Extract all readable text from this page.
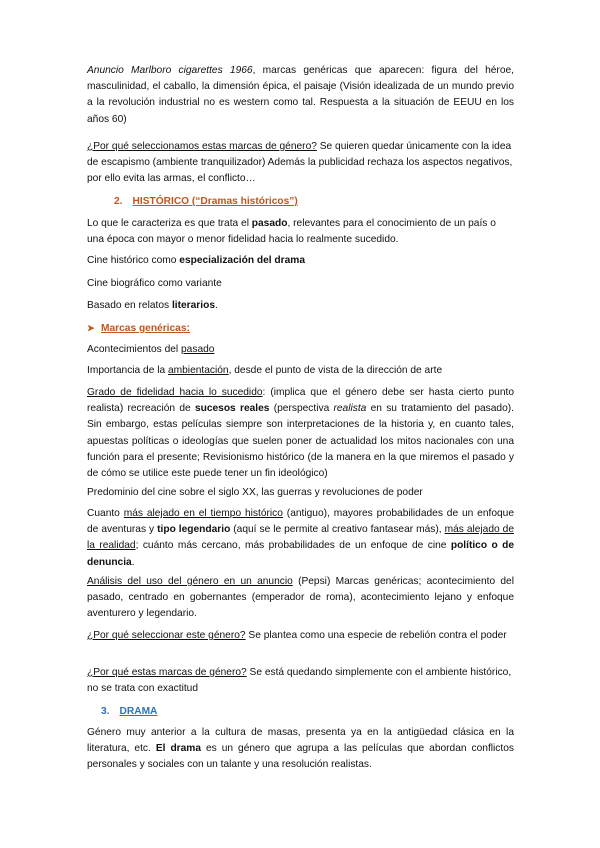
Anuncio Marlboro cigarettes 1966, marcas genéricas que aparecen: figura del héroe, masculinidad, el caballo, la dimensión épica, el paisaje (Visión idealizada de un mundo previo a la revolución industrial no es western como tal. Respuesta a la situación de EEUU en los años 60)

¿Por qué seleccionamos estas marcas de género? Se quieren quedar únicamente con la idea de escapismo (ambiente tranquilizador) Además la publicidad rechaza los aspectos negativos, por ello evita las armas, el conflicto…

2. HISTÓRICO (“Dramas históricos”)

Lo que le caracteriza es que trata el pasado, relevantes para el conocimiento de un país o una época con mayor o menor fidelidad hacia lo realmente sucedido.

Cine histórico como especialización del drama

Cine biográfico como variante

Basado en relatos literarios.

➤ Marcas genéricas:

Acontecimientos del pasado

Importancia de la ambientación, desde el punto de vista de la dirección de arte

Grado de fidelidad hacia lo sucedido: (implica que el género debe ser hasta cierto punto realista) recreación de sucesos reales (perspectiva realista en su tratamiento del pasado). Sin embargo, estas películas siempre son interpretaciones de la historia y, en cuanto tales, apuestas políticas o ideologías que suelen poner de actualidad los mitos nacionales con una función para el presente; Revisionismo histórico (de la manera en la que miremos el pasado y de cómo se utilice este puede tener un fin ideológico)

Predominio del cine sobre el siglo XX, las guerras y revoluciones de poder

Cuanto más alejado en el tiempo histórico (antiguo), mayores probabilidades de un enfoque de aventuras y tipo legendario (aquí se le permite al creativo fantasear más), más alejado de la realidad; cuánto más cercano, más probabilidades de un enfoque de cine político o de denuncia.

Análisis del uso del género en un anuncio (Pepsi) Marcas genéricas; acontecimiento del pasado, centrado en gobernantes (emperador de roma), acontecimiento lejano y enfoque aventurero y legendario.

¿Por qué seleccionar este género? Se plantea como una especie de rebelión contra el poder

¿Por qué estas marcas de género? Se está quedando simplemente con el ambiente histórico, no se trata con exactitud

3. DRAMA

Género muy anterior a la cultura de masas, presenta ya en la antigüedad clásica en la literatura, etc. El drama es un género que agrupa a las películas que abordan conflictos personales y sociales con un talante y una resolución realistas.
